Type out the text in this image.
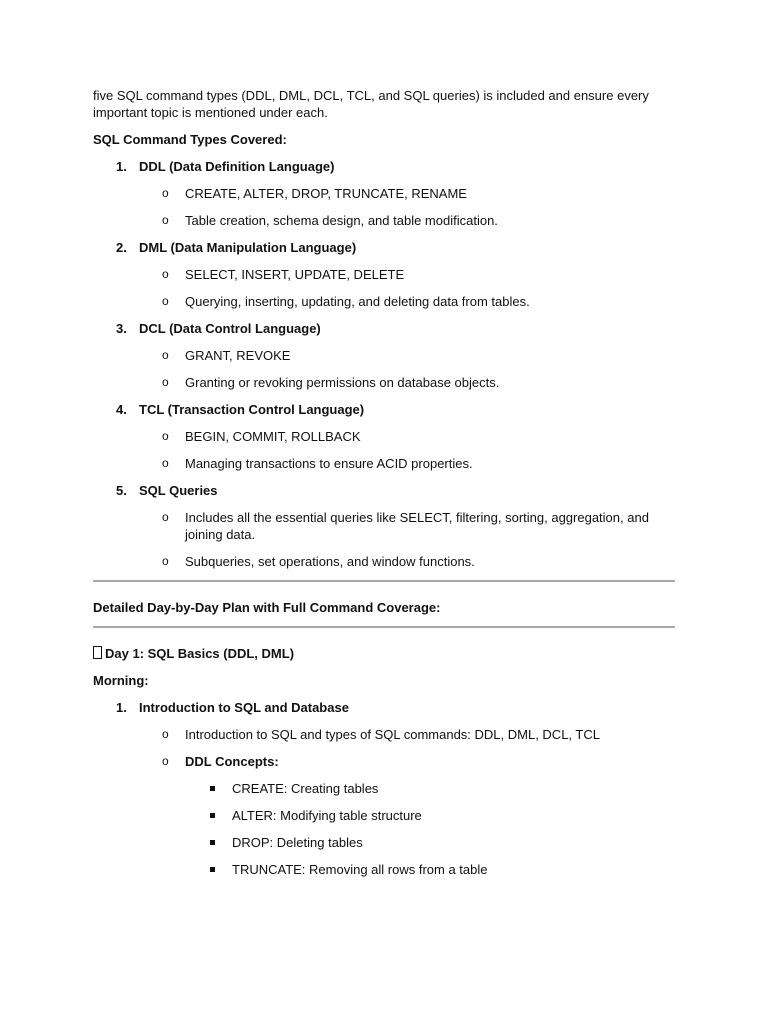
five SQL command types (DDL, DML, DCL, TCL, and SQL queries) is included and ensure every important topic is mentioned under each.

SQL Command Types Covered:

1. DDL (Data Definition Language)
o CREATE, ALTER, DROP, TRUNCATE, RENAME
o Table creation, schema design, and table modification.
2. DML (Data Manipulation Language)
o SELECT, INSERT, UPDATE, DELETE
o Querying, inserting, updating, and deleting data from tables.
3. DCL (Data Control Language)
o GRANT, REVOKE
o Granting or revoking permissions on database objects.
4. TCL (Transaction Control Language)
o BEGIN, COMMIT, ROLLBACK
o Managing transactions to ensure ACID properties.
5. SQL Queries
o Includes all the essential queries like SELECT, filtering, sorting, aggregation, and joining data.
o Subqueries, set operations, and window functions.

Detailed Day-by-Day Plan with Full Command Coverage:

Day 1: SQL Basics (DDL, DML)

Morning:

1. Introduction to SQL and Database
o Introduction to SQL and types of SQL commands: DDL, DML, DCL, TCL
o DDL Concepts:
CREATE: Creating tables
ALTER: Modifying table structure
DROP: Deleting tables
TRUNCATE: Removing all rows from a table
